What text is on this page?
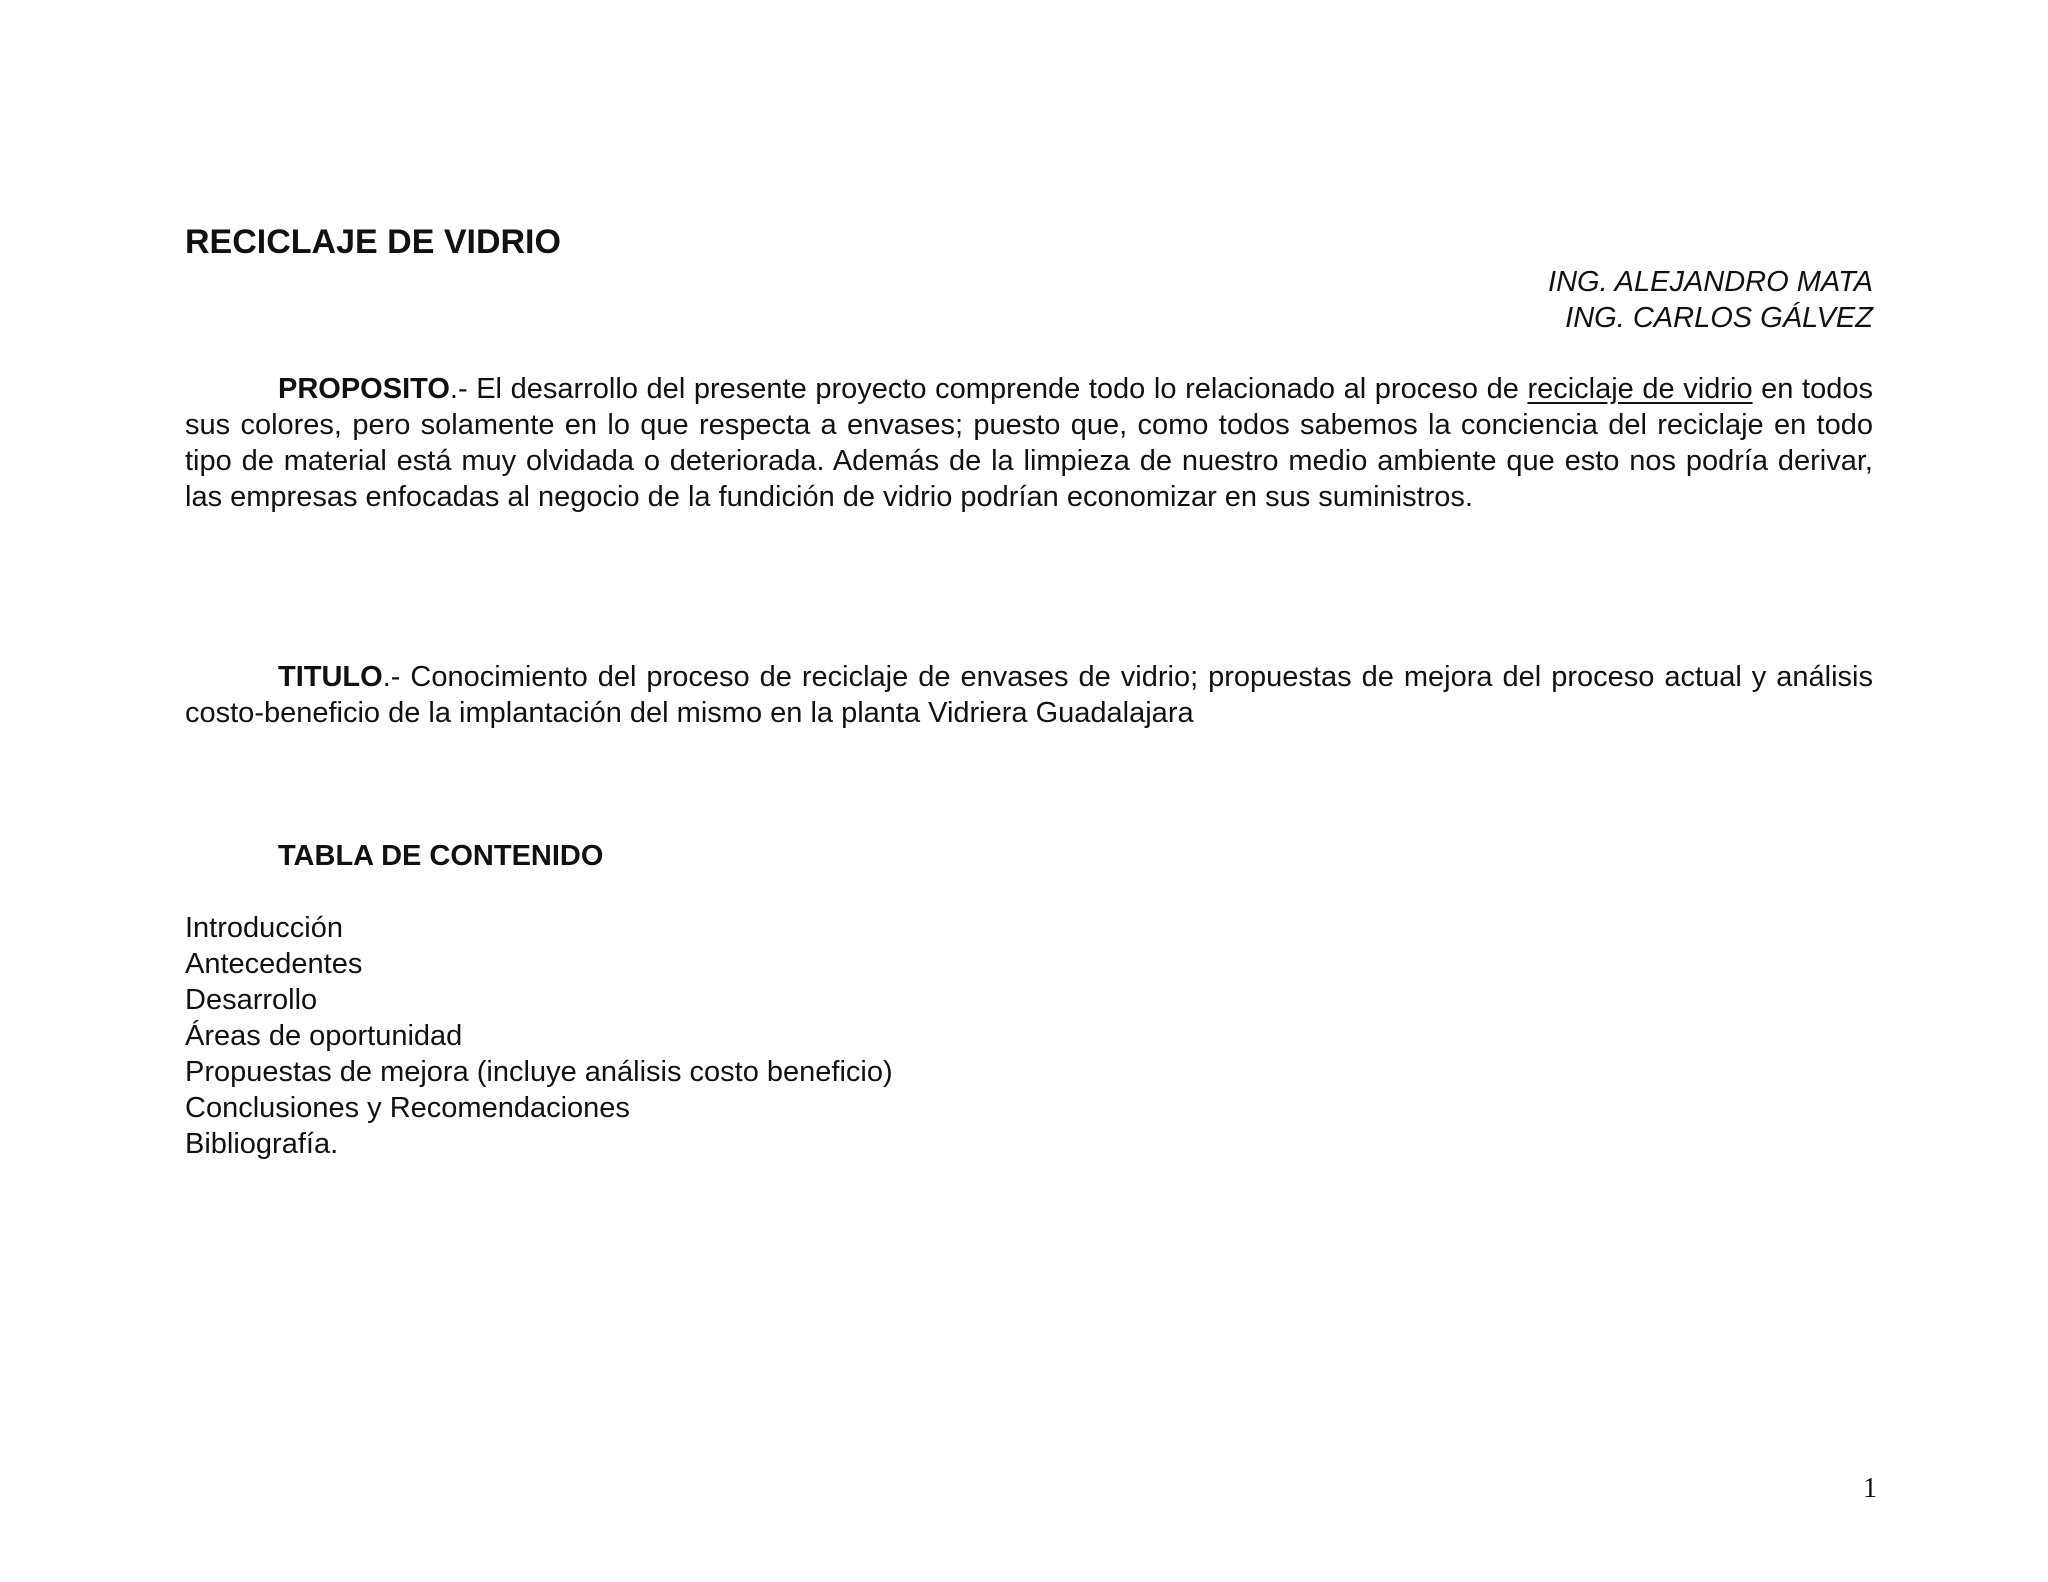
RECICLAJE DE VIDRIO
ING. ALEJANDRO MATA
ING. CARLOS GÁLVEZ

PROPOSITO.- El desarrollo del presente proyecto comprende todo lo relacionado al proceso de reciclaje de vidrio en todos sus colores, pero solamente en lo que respecta a envases; puesto que, como todos sabemos la conciencia del reciclaje en todo tipo de material está muy olvidada o deteriorada. Además de la limpieza de nuestro medio ambiente que esto nos podría derivar, las empresas enfocadas al negocio de la fundición de vidrio podrían economizar en sus suministros.

TITULO.- Conocimiento del proceso de reciclaje de envases de vidrio; propuestas de mejora del proceso actual y análisis costo-beneficio de la implantación del mismo en la planta Vidriera Guadalajara

TABLA DE CONTENIDO
Introducción
Antecedentes
Desarrollo
Áreas de oportunidad
Propuestas de mejora (incluye análisis costo beneficio)
Conclusiones y Recomendaciones
Bibliografía.
1
